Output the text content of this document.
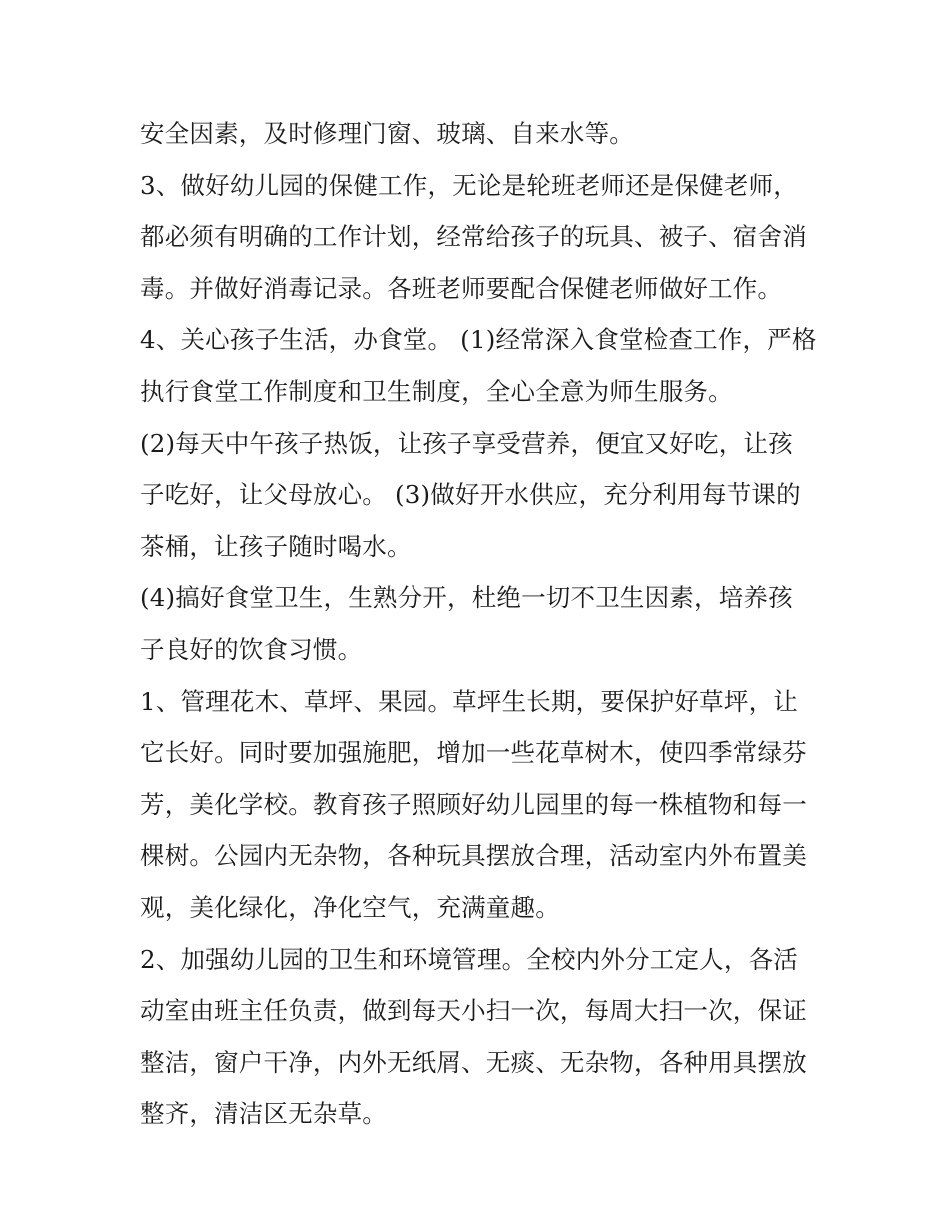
安全因素，及时修理门窗、玻璃、自来水等。
3、做好幼儿园的保健工作，无论是轮班老师还是保健老师，
都必须有明确的工作计划，经常给孩子的玩具、被子、宿舍消
毒。并做好消毒记录。各班老师要配合保健老师做好工作。
4、关心孩子生活，办食堂。 (1)经常深入食堂检查工作，严格
执行食堂工作制度和卫生制度，全心全意为师生服务。
(2)每天中午孩子热饭，让孩子享受营养，便宜又好吃，让孩
子吃好，让父母放心。 (3)做好开水供应，充分利用每节课的
茶桶，让孩子随时喝水。
(4)搞好食堂卫生，生熟分开，杜绝一切不卫生因素，培养孩
子良好的饮食习惯。
1、管理花木、草坪、果园。草坪生长期，要保护好草坪，让
它长好。同时要加强施肥，增加一些花草树木，使四季常绿芬
芳，美化学校。教育孩子照顾好幼儿园里的每一株植物和每一
棵树。公园内无杂物，各种玩具摆放合理，活动室内外布置美
观，美化绿化，净化空气，充满童趣。
2、加强幼儿园的卫生和环境管理。全校内外分工定人，各活
动室由班主任负责，做到每天小扫一次，每周大扫一次，保证
整洁，窗户干净，内外无纸屑、无痰、无杂物，各种用具摆放
整齐，清洁区无杂草。
